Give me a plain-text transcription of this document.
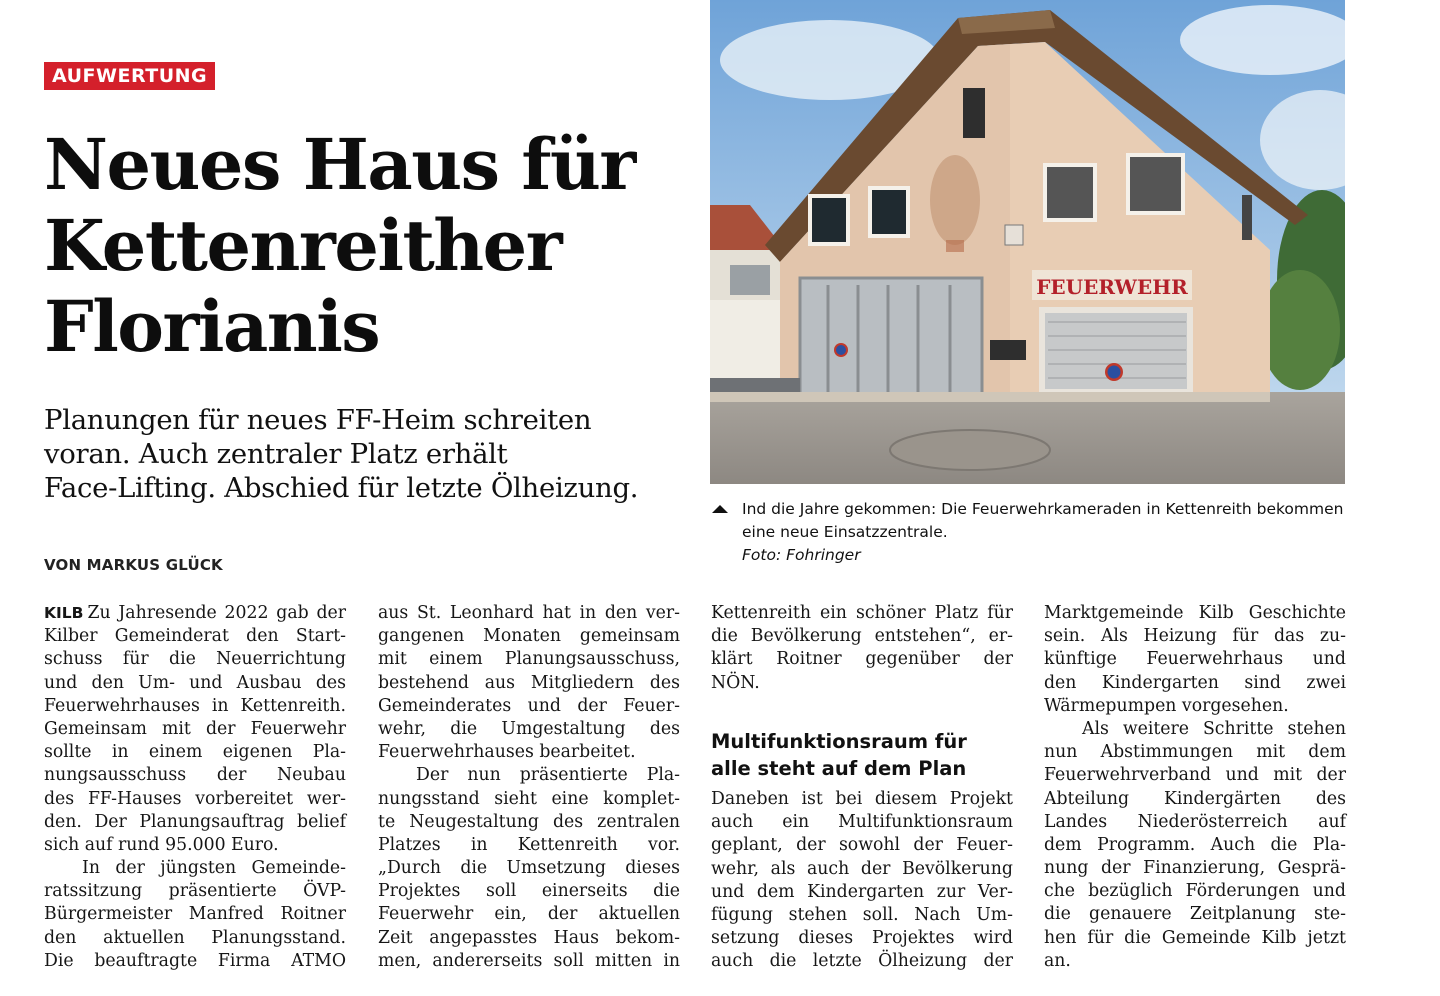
AUFWERTUNG
Neues Haus für
Kettenreither
Florianis

Planungen für neues FF-Heim schreiten
voran. Auch zentraler Platz erhält
Face-Lifting. Abschied für letzte Ölheizung.

VON MARKUS GLÜCK
FEUERWEHR
Ind die Jahre gekommen: Die Feuerwehrkameraden in Kettenreith bekommen
eine neue Einsatzzentrale.
Foto: Fohringer
KILB Zu Jahresende 2022 gab der
Kilber Gemeinderat den Start-
schuss für die Neuerrichtung
und den Um- und Ausbau des
Feuerwehrhauses in Kettenreith.
Gemeinsam mit der Feuerwehr
sollte in einem eigenen Pla-
nungsausschuss der Neubau
des FF-Hauses vorbereitet wer-
den. Der Planungsauftrag belief
sich auf rund 95.000 Euro.
In der jüngsten Gemeinde-
ratssitzung präsentierte ÖVP-
Bürgermeister Manfred Roitner
den aktuellen Planungsstand.
Die beauftragte Firma ATMO
aus St. Leonhard hat in den ver-
gangenen Monaten gemeinsam
mit einem Planungsausschuss,
bestehend aus Mitgliedern des
Gemeinderates und der Feuer-
wehr, die Umgestaltung des
Feuerwehrhauses bearbeitet.
Der nun präsentierte Pla-
nungsstand sieht eine komplet-
te Neugestaltung des zentralen
Platzes in Kettenreith vor.
„Durch die Umsetzung dieses
Projektes soll einerseits die
Feuerwehr ein, der aktuellen
Zeit angepasstes Haus bekom-
men, andererseits soll mitten in
Kettenreith ein schöner Platz für
die Bevölkerung entstehen“, er-
klärt Roitner gegenüber der
NÖN.
Multifunktionsraum für
alle steht auf dem Plan
Daneben ist bei diesem Projekt
auch ein Multifunktionsraum
geplant, der sowohl der Feuer-
wehr, als auch der Bevölkerung
und dem Kindergarten zur Ver-
fügung stehen soll. Nach Um-
setzung dieses Projektes wird
auch die letzte Ölheizung der
Marktgemeinde Kilb Geschichte
sein. Als Heizung für das zu-
künftige Feuerwehrhaus und
den Kindergarten sind zwei
Wärmepumpen vorgesehen.
Als weitere Schritte stehen
nun Abstimmungen mit dem
Feuerwehrverband und mit der
Abteilung Kindergärten des
Landes Niederösterreich auf
dem Programm. Auch die Pla-
nung der Finanzierung, Gesprä-
che bezüglich Förderungen und
die genauere Zeitplanung ste-
hen für die Gemeinde Kilb jetzt
an.
